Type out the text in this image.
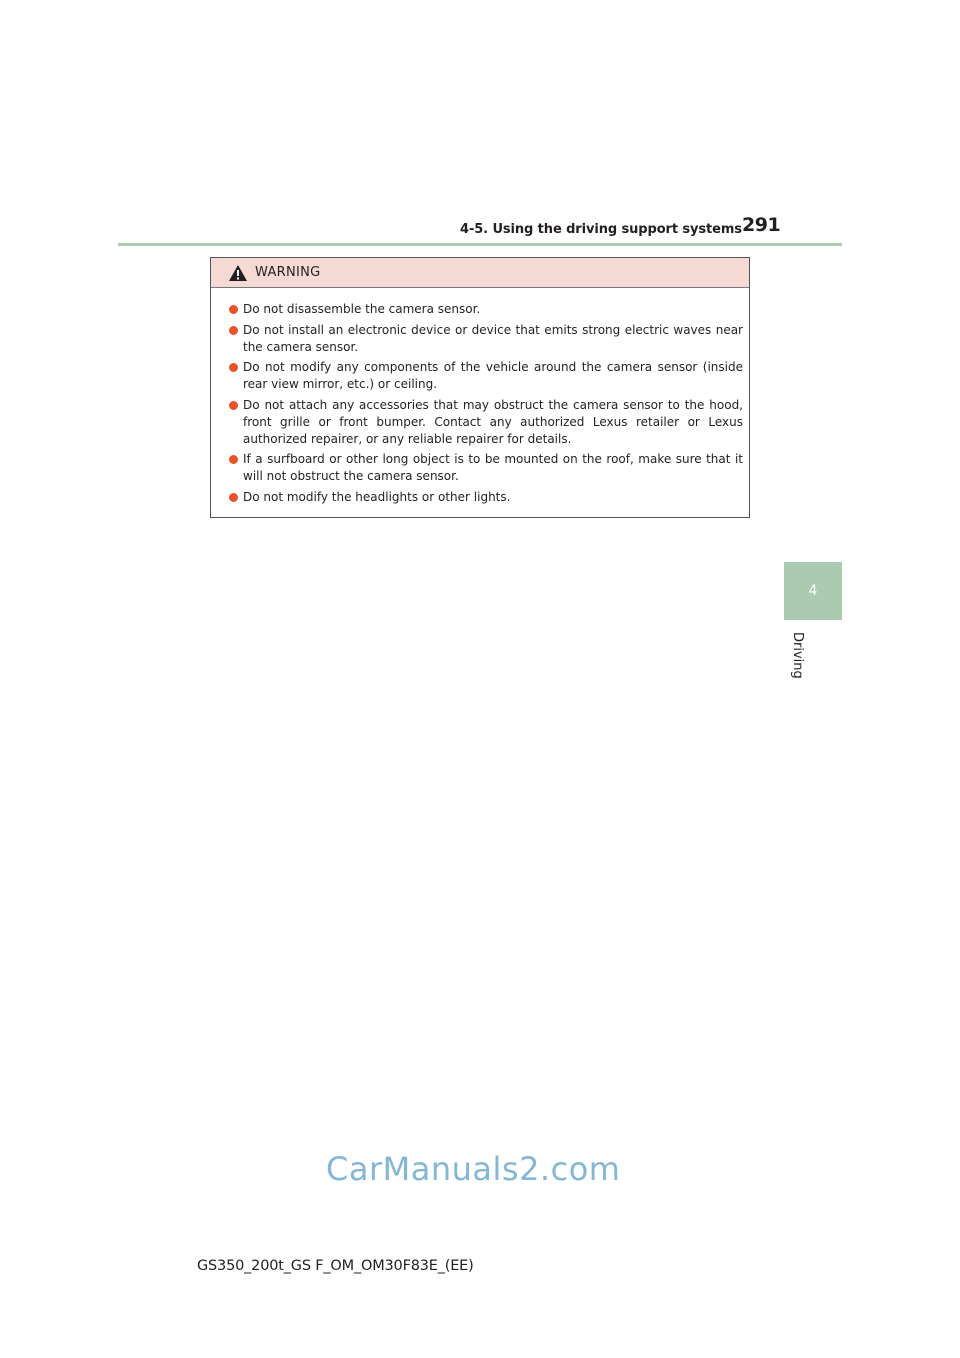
4-5. Using the driving support systems 291
4
Driving
WARNING
Do not disassemble the camera sensor.
Do not install an electronic device or device that emits strong electric waves near the camera sensor.
Do not modify any components of the vehicle around the camera sensor (inside rear view mirror, etc.) or ceiling.
Do not attach any accessories that may obstruct the camera sensor to the hood, front grille or front bumper. Contact any authorized Lexus retailer or Lexus authorized repairer, or any reliable repairer for details.
If a surfboard or other long object is to be mounted on the roof, make sure that it will not obstruct the camera sensor.
Do not modify the headlights or other lights.
CarManuals2.com
GS350_200t_GS F_OM_OM30F83E_(EE)
